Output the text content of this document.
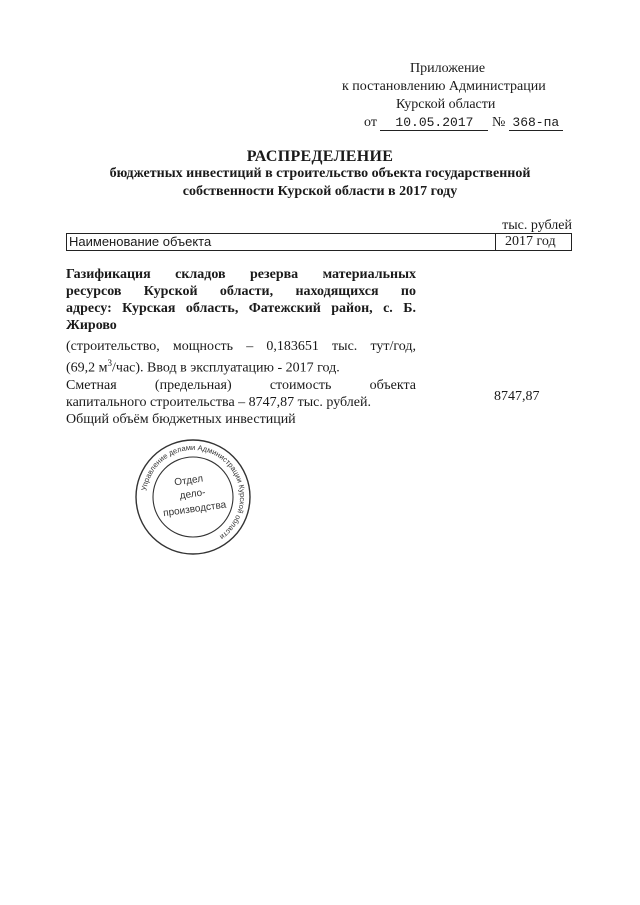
Приложение
к постановлению Администрации
Курской области
от 10.05.2017 № 368-па
РАСПРЕДЕЛЕНИЕ
бюджетных инвестиций в строительство объекта государственной
собственности Курской области в 2017 году
тыс. рублей
Наименование объекта	2017 год
Газификация складов резерва материальных
ресурсов Курской области, находящихся по
адресу: Курская область, Фатежский район, с. Б.
Жирово
(строительство, мощность – 0,183651 тыс. тут/год,
(69,2 $м^3/час$). Ввод в эксплуатацию - 2017 год.
Сметная (предельная) стоимость объекта
капитального строительства – 8747,87 тыс. рублей.
Общий объём бюджетных инвестиций
8747,87
Управление делами Администрации Курской области
Отдел
дело-
производства
